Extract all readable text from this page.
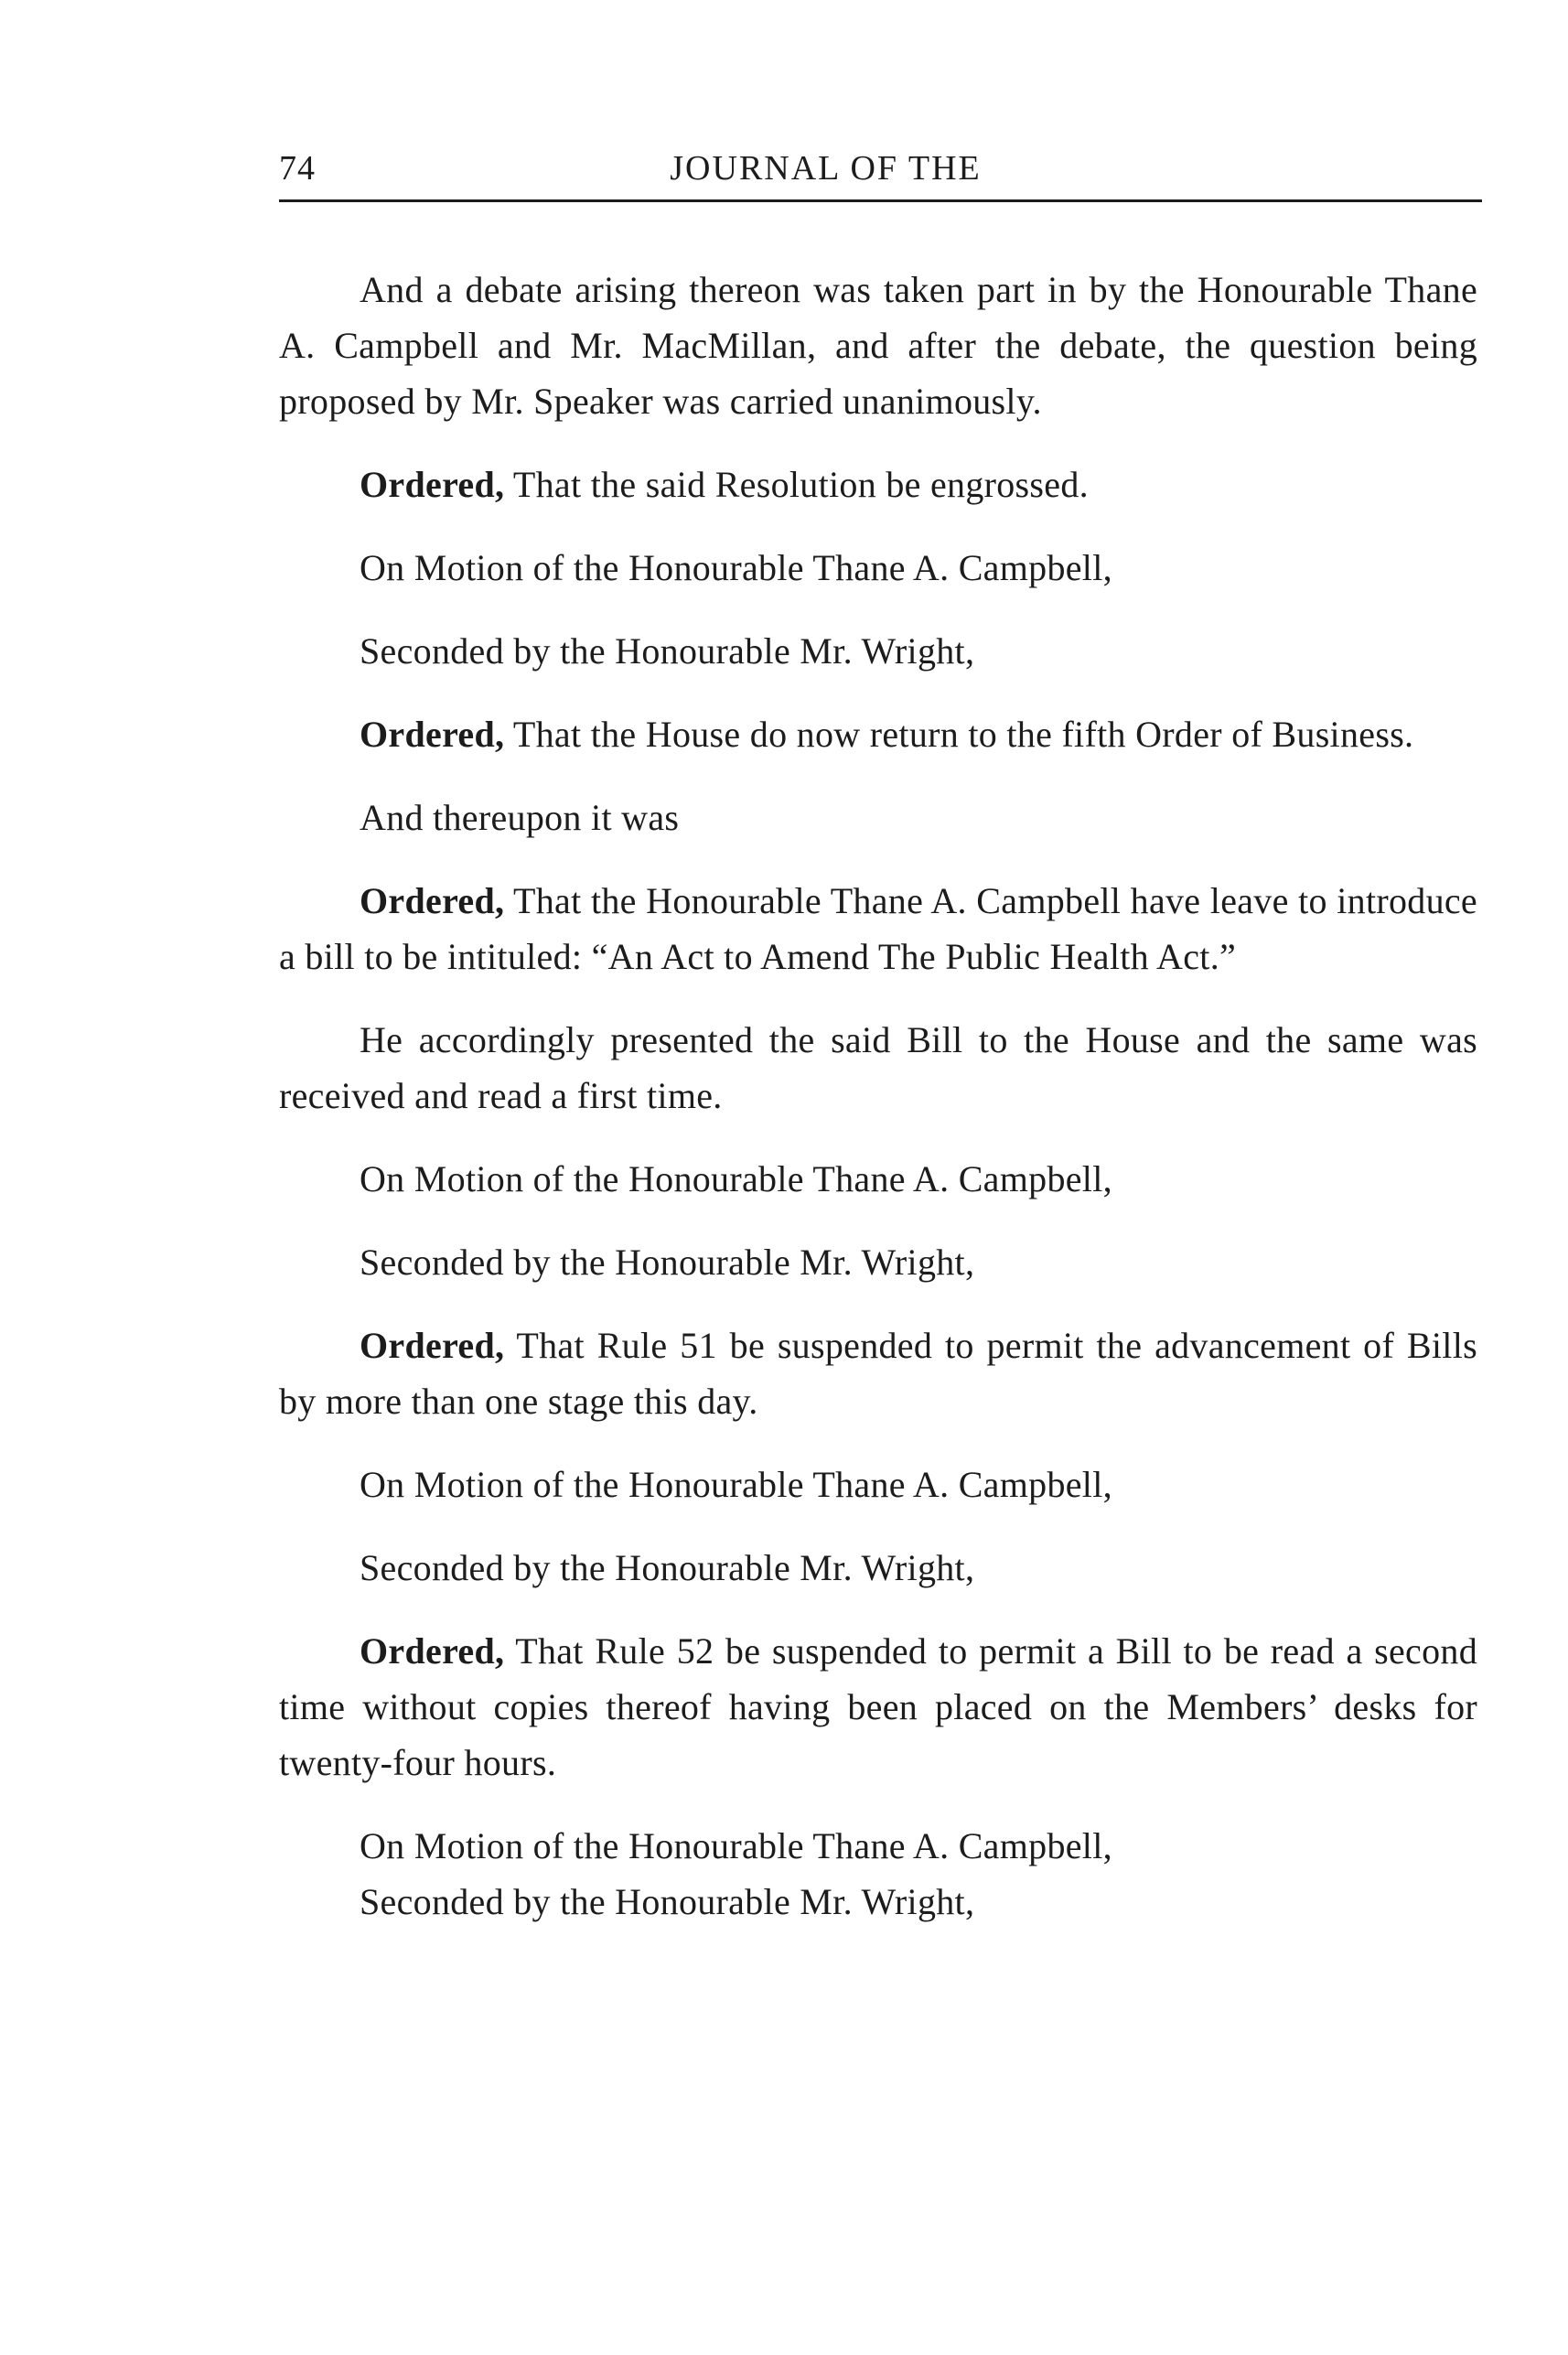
74	JOURNAL OF THE

And a debate arising thereon was taken part in by the Honourable Thane A. Campbell and Mr. MacMillan, and after the debate, the question being proposed by Mr. Speaker was carried unanimously.

Ordered, That the said Resolution be engrossed.

On Motion of the Honourable Thane A. Campbell,

Seconded by the Honourable Mr. Wright,

Ordered, That the House do now return to the fifth Order of Business.

And thereupon it was

Ordered, That the Honourable Thane A. Campbell have leave to introduce a bill to be intituled: “An Act to Amend The Public Health Act.”

He accordingly presented the said Bill to the House and the same was received and read a first time.

On Motion of the Honourable Thane A. Campbell,

Seconded by the Honourable Mr. Wright,

Ordered, That Rule 51 be suspended to permit the advancement of Bills by more than one stage this day.

On Motion of the Honourable Thane A. Campbell,

Seconded by the Honourable Mr. Wright,

Ordered, That Rule 52 be suspended to permit a Bill to be read a second time without copies thereof having been placed on the Members’ desks for twenty-four hours.

On Motion of the Honourable Thane A. Campbell,

Seconded by the Honourable Mr. Wright,
